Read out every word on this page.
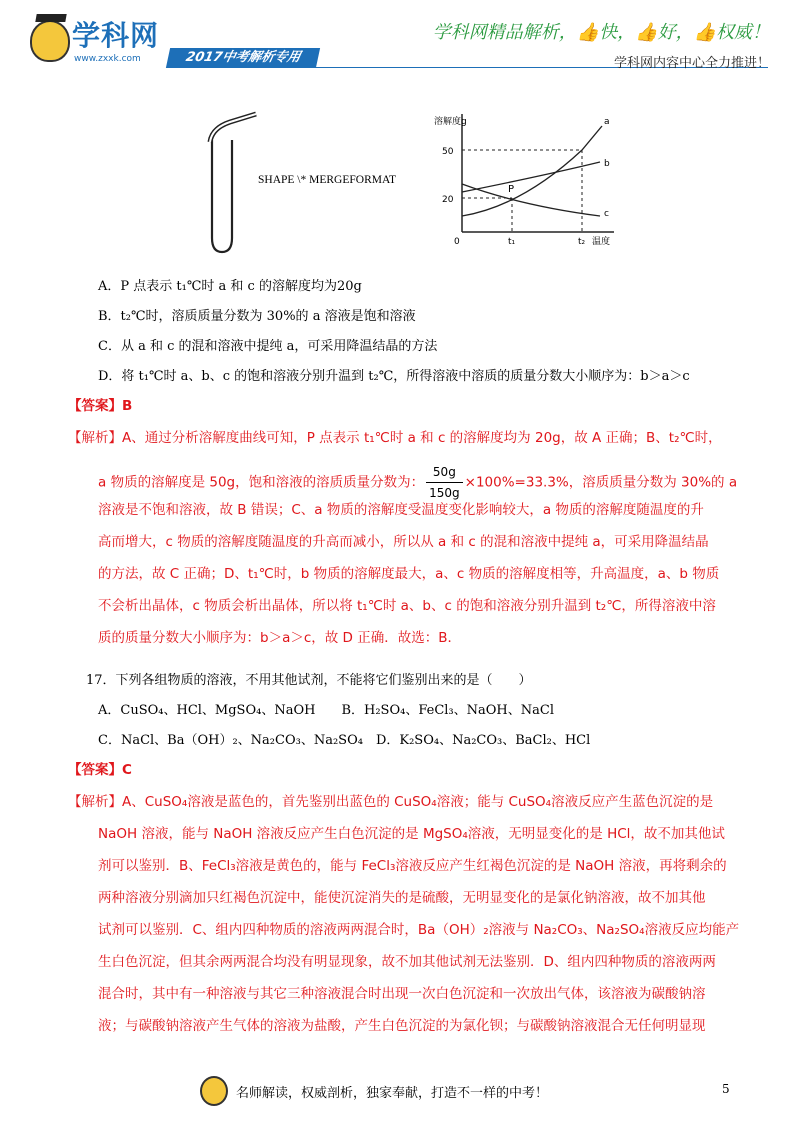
学科网
www.zxxk.com	2017中考解析专用
学科网精品解析，👍快，👍好，👍权威！
学科网内容中心全力推进！
SHAPE \* MERGEFORMAT
溶解度g
50
20
0	t₁	t₂ 温度
P
a
b
c
A．P 点表示 t₁℃时 a 和 c 的溶解度均为20g
B．t₂℃时，溶质质量分数为 30%的 a 溶液是饱和溶液
C．从 a 和 c 的混和溶液中提纯 a，可采用降温结晶的方法
D．将 t₁℃时 a、b、c 的饱和溶液分别升温到 t₂℃，所得溶液中溶质的质量分数大小顺序为：b＞a＞c
【答案】B
【解析】A、通过分析溶解度曲线可知，P 点表示 t₁℃时 a 和 c 的溶解度均为 20g，故 A 正确；B、t₂℃时，
a 物质的溶解度是 50g，饱和溶液的溶质质量分数为： $\frac{50g}{150g} \times 100\%=33.3\%$，溶质质量分数为 30%的 a
溶液是不饱和溶液，故 B 错误；C、a 物质的溶解度受温度变化影响较大，a 物质的溶解度随温度的升
高而增大，c 物质的溶解度随温度的升高而减小，所以从 a 和 c 的混和溶液中提纯 a，可采用降温结晶
的方法，故 C 正确；D、t₁℃时，b 物质的溶解度最大，a、c 物质的溶解度相等，升高温度，a、b 物质
不会析出晶体，c 物质会析出晶体，所以将 t₁℃时 a、b、c 的饱和溶液分别升温到 t₂℃，所得溶液中溶
质的质量分数大小顺序为：b＞a＞c，故 D 正确．故选：B．
17．下列各组物质的溶液，不用其他试剂，不能将它们鉴别出来的是（　　）
A．CuSO₄、HCl、MgSO₄、NaOH　　B．H₂SO₄、FeCl₃、NaOH、NaCl
C．NaCl、Ba（OH）₂、Na₂CO₃、Na₂SO₄　D．K₂SO₄、Na₂CO₃、BaCl₂、HCl
【答案】C
【解析】A、CuSO₄溶液是蓝色的，首先鉴别出蓝色的 CuSO₄溶液；能与 CuSO₄溶液反应产生蓝色沉淀的是
NaOH 溶液，能与 NaOH 溶液反应产生白色沉淀的是 MgSO₄溶液，无明显变化的是 HCl，故不加其他试
剂可以鉴别．B、FeCl₃溶液是黄色的，能与 FeCl₃溶液反应产生红褐色沉淀的是 NaOH 溶液，再将剩余的
两种溶液分别滴加只红褐色沉淀中，能使沉淀消失的是硫酸，无明显变化的是氯化钠溶液，故不加其他
试剂可以鉴别．C、组内四种物质的溶液两两混合时，Ba（OH）₂溶液与 Na₂CO₃、Na₂SO₄溶液反应均能产
生白色沉淀，但其余两两混合均没有明显现象，故不加其他试剂无法鉴别．D、组内四种物质的溶液两两
混合时，其中有一种溶液与其它三种溶液混合时出现一次白色沉淀和一次放出气体，该溶液为碳酸钠溶
液；与碳酸钠溶液产生气体的溶液为盐酸，产生白色沉淀的为氯化钡；与碳酸钠溶液混合无任何明显现
名师解读，权威剖析，独家奉献，打造不一样的中考！	5
